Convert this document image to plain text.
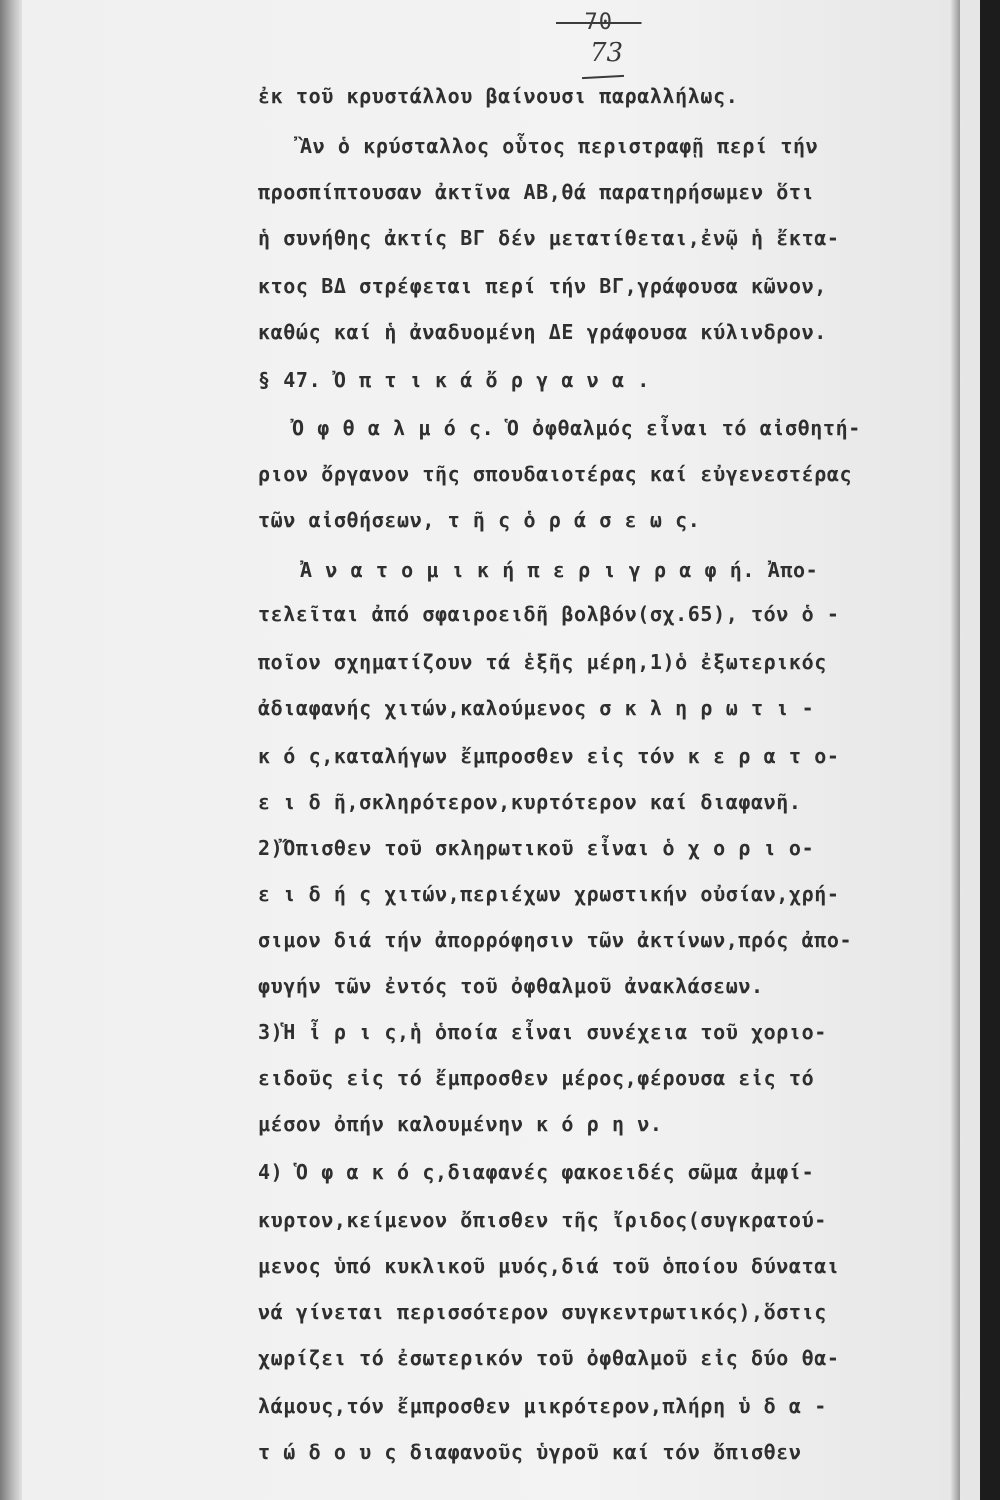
- 70 -
73
ἐκ τοῦ κρυστάλλου βαίνουσι παραλλήλως.
Ἂν ὁ κρύσταλλος οὗτος περιστραφῇ περί τήν
προσπίπτουσαν ἀκτῖνα ΑΒ,θά παρατηρήσωμεν ὅτι
ἡ συνήθης ἀκτίς ΒΓ δέν μετατίθεται,ἐνῷ ἡ ἔκτα-
κτος ΒΔ στρέφεται περί τήν ΒΓ,γράφουσα κῶνον,
καθώς καί ἡ ἀναδυομένη ΔΕ γράφουσα κύλινδρον.
§ 47. Ὀ π τ ι κ ά ὄ ρ γ α ν α .
Ὀ φ θ α λ μ ό ς. Ὁ ὀφθαλμός εἶναι τό αἰσθητή-
ριον ὄργανον τῆς σπουδαιοτέρας καί εὐγενεστέρας
τῶν αἰσθήσεων, τ ῆ ς ὁ ρ ά σ ε ω ς.
Ἀ ν α τ ο μ ι κ ή π ε ρ ι γ ρ α φ ή. Ἀπο-
τελεῖται ἀπό σφαιροειδῆ βολβόν(σχ.65), τόν ὁ -
ποῖον σχηματίζουν τά ἑξῆς μέρη,1)ὁ ἐξωτερικός
ἀδιαφανής χιτών,καλούμενος σ κ λ η ρ ω τ ι -
κ ό ς,καταλήγων ἔμπροσθεν εἰς τόν κ ε ρ α τ ο-
ε ι δ ῆ,σκληρότερον,κυρτότερον καί διαφανῆ.
2)Ὄπισθεν τοῦ σκληρωτικοῦ εἶναι ὁ χ ο ρ ι ο-
ε ι δ ή ς χιτών,περιέχων χρωστικήν οὐσίαν,χρή-
σιμον διά τήν ἀπορρόφησιν τῶν ἀκτίνων,πρός ἀπο-
φυγήν τῶν ἐντός τοῦ ὀφθαλμοῦ ἀνακλάσεων.
3)Ἡ ἶ ρ ι ς,ἡ ὁποία εἶναι συνέχεια τοῦ χοριο-
ειδοῦς εἰς τό ἔμπροσθεν μέρος,φέρουσα εἰς τό
μέσον ὀπήν καλουμένην κ ό ρ η ν.
4) Ὁ φ α κ ό ς,διαφανές φακοειδές σῶμα ἀμφί-
κυρτον,κείμενον ὄπισθεν τῆς ἴριδος(συγκρατού-
μενος ὑπό κυκλικοῦ μυός,διά τοῦ ὁποίου δύναται
νά γίνεται περισσότερον συγκεντρωτικός),ὅστις
χωρίζει τό ἐσωτερικόν τοῦ ὀφθαλμοῦ εἰς δύο θα-
λάμους,τόν ἔμπροσθεν μικρότερον,πλήρη ὑ δ α -
τ ώ δ ο υ ς διαφανοῦς ὑγροῦ καί τόν ὄπισθεν
